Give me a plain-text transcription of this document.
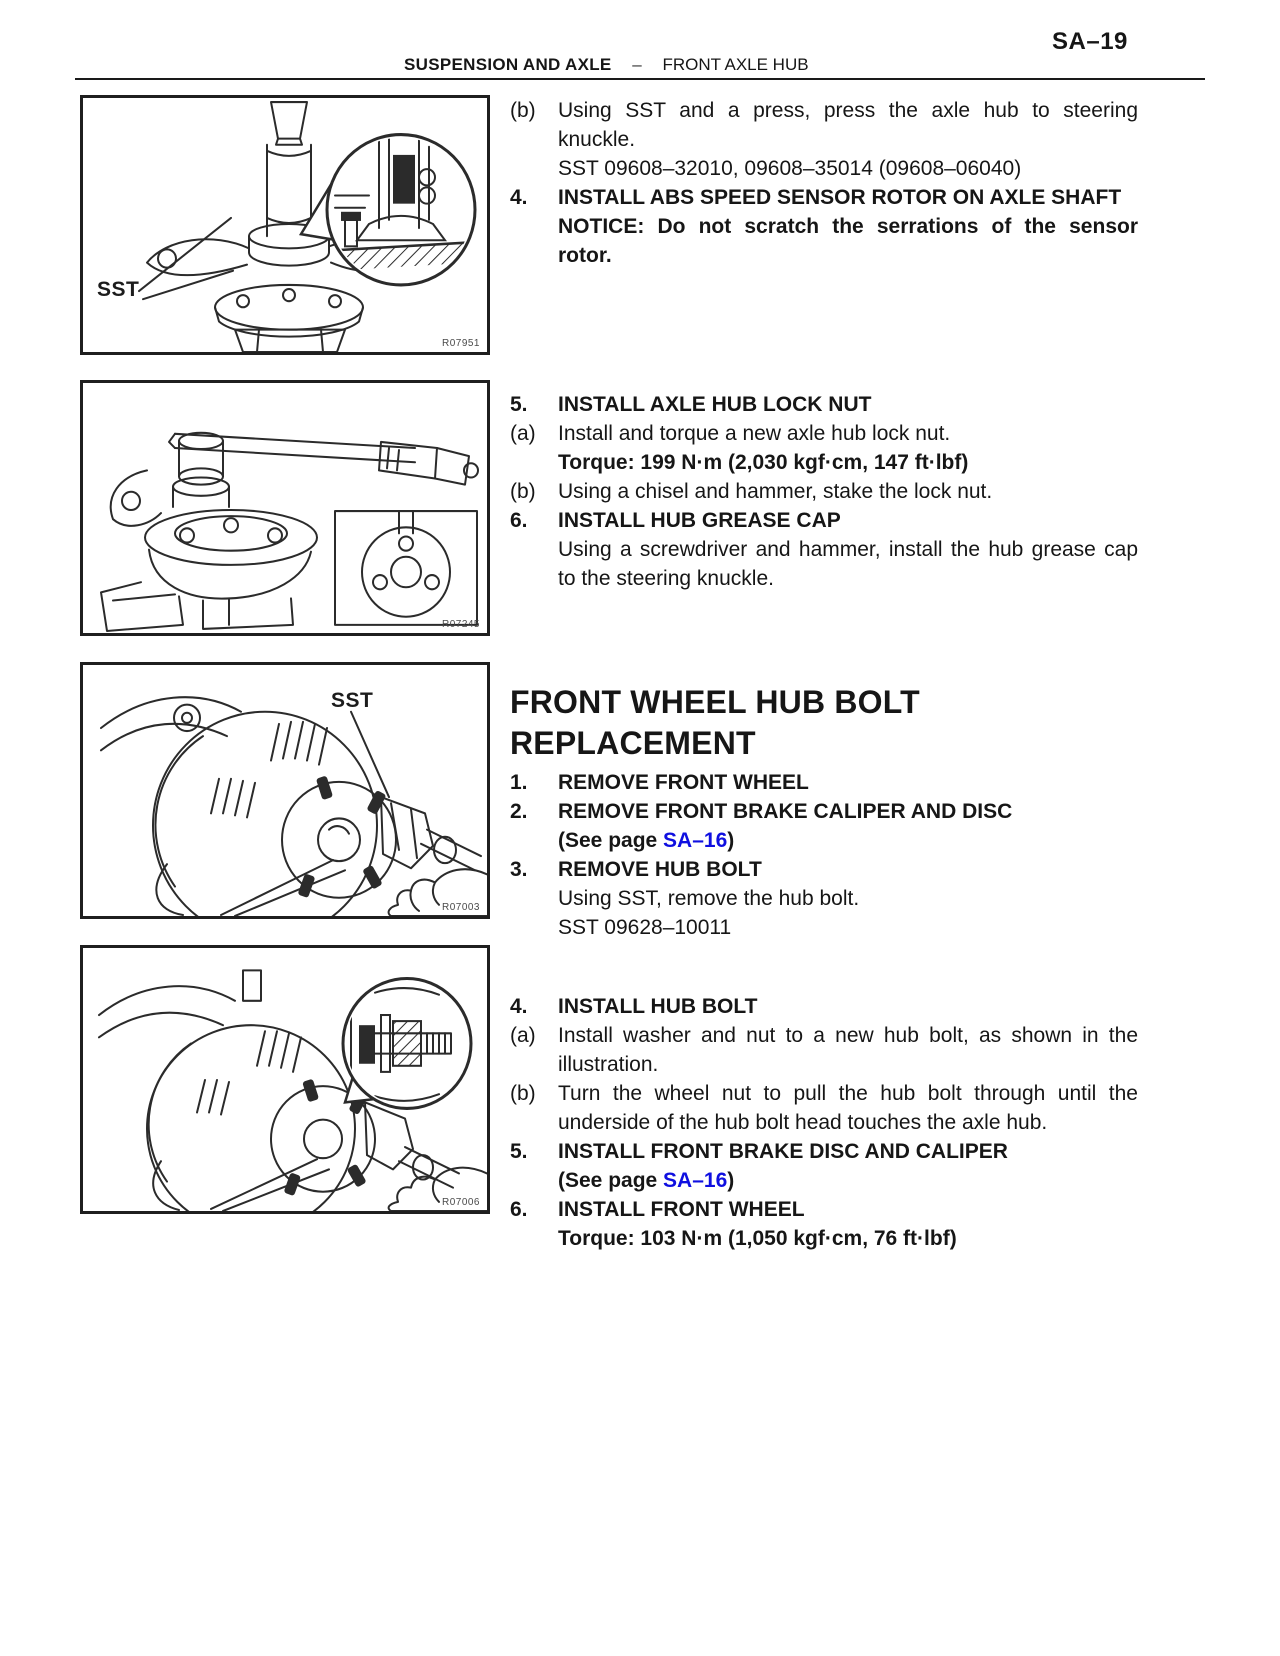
SA–19
SUSPENSION AND AXLE – FRONT AXLE HUB
SST
R07951
R07245
SST
R07003
R07006
(b)	Using SST and a press, press the axle hub to steering knuckle.
SST 09608–32010, 09608–35014 (09608–06040)
4.	INSTALL ABS SPEED SENSOR ROTOR ON AXLE SHAFT
NOTICE: Do not scratch the serrations of the sensor rotor.
5.	INSTALL AXLE HUB LOCK NUT
(a)	Install and torque a new axle hub lock nut.
Torque: 199 N·m (2,030 kgf·cm, 147 ft·lbf)
(b)	Using a chisel and hammer, stake the lock nut.
6.	INSTALL HUB GREASE CAP
Using a screwdriver and hammer, install the hub grease cap to the steering knuckle.
FRONT WHEEL HUB BOLT REPLACEMENT
1.	REMOVE FRONT WHEEL
2.	REMOVE FRONT BRAKE CALIPER AND DISC
(See page SA–16)
3.	REMOVE HUB BOLT
Using SST, remove the hub bolt.
SST 09628–10011
4.	INSTALL HUB BOLT
(a)	Install washer and nut to a new hub bolt, as shown in the illustration.
(b)	Turn the wheel nut to pull the hub bolt through until the underside of the hub bolt head touches the axle hub.
5.	INSTALL FRONT BRAKE DISC AND CALIPER
(See page SA–16)
6.	INSTALL FRONT WHEEL
Torque: 103 N·m (1,050 kgf·cm, 76 ft·lbf)
